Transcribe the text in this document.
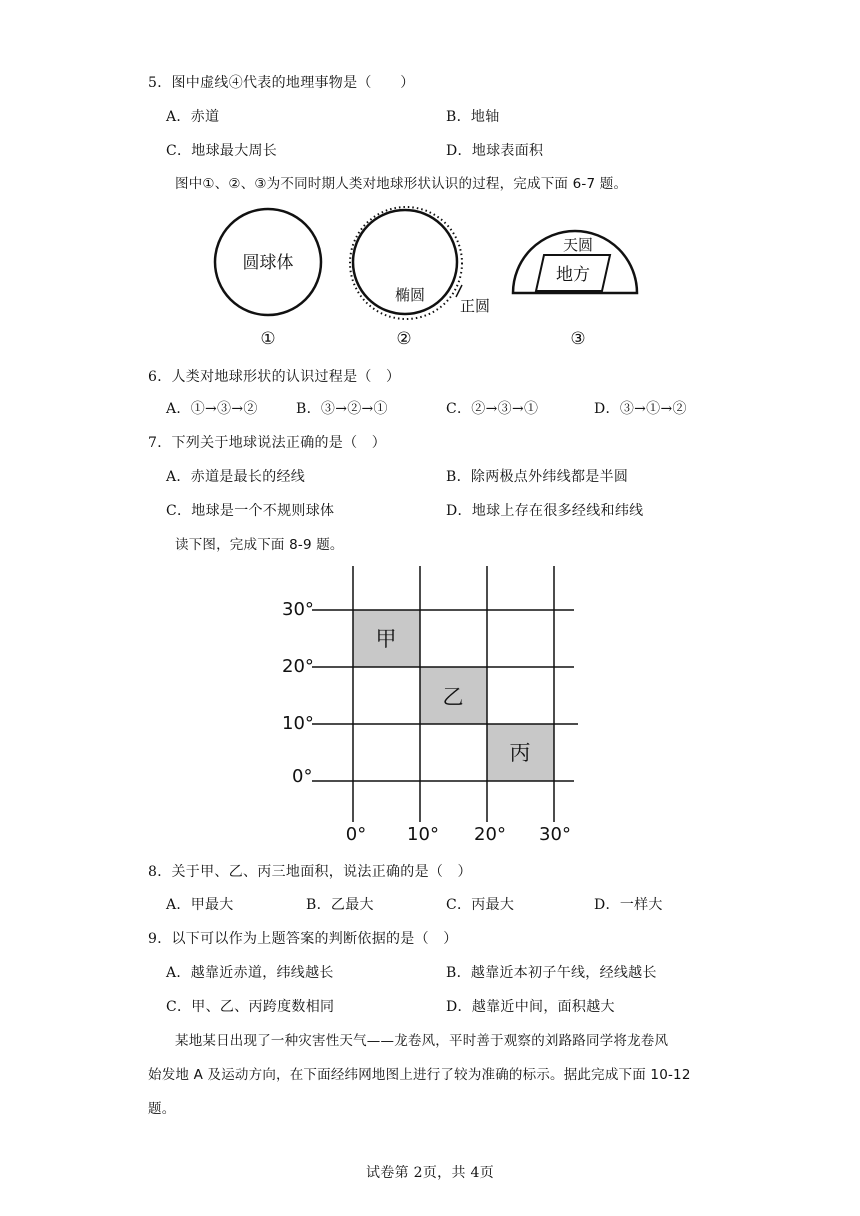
5．图中虚线④代表的地理事物是（　　）
A．赤道	B．地轴
C．地球最大周长	D．地球表面积
图中①、②、③为不同时期人类对地球形状认识的过程，完成下面 6-7 题。
圆球体
椭圆
正圆
天圆
地方
①	②	③
6．人类对地球形状的认识过程是（　）
A．①→③→②	B．③→②→①	C．②→③→①	D．③→①→②
7．下列关于地球说法正确的是（　）
A．赤道是最长的经线	B．除两极点外纬线都是半圆
C．地球是一个不规则球体	D．地球上存在很多经线和纬线
读下图，完成下面 8-9 题。
甲
乙
丙
30°
20°
10°
0°
0° 10° 20° 30°
8．关于甲、乙、丙三地面积，说法正确的是（　）
A．甲最大	B．乙最大	C．丙最大	D．一样大
9．以下可以作为上题答案的判断依据的是（　）
A．越靠近赤道，纬线越长	B．越靠近本初子午线，经线越长
C．甲、乙、丙跨度数相同	D．越靠近中间，面积越大
某地某日出现了一种灾害性天气——龙卷风，平时善于观察的刘路路同学将龙卷风
始发地 A 及运动方向，在下面经纬网地图上进行了较为准确的标示。据此完成下面 10-12
题。
试卷第 2页，共 4页
